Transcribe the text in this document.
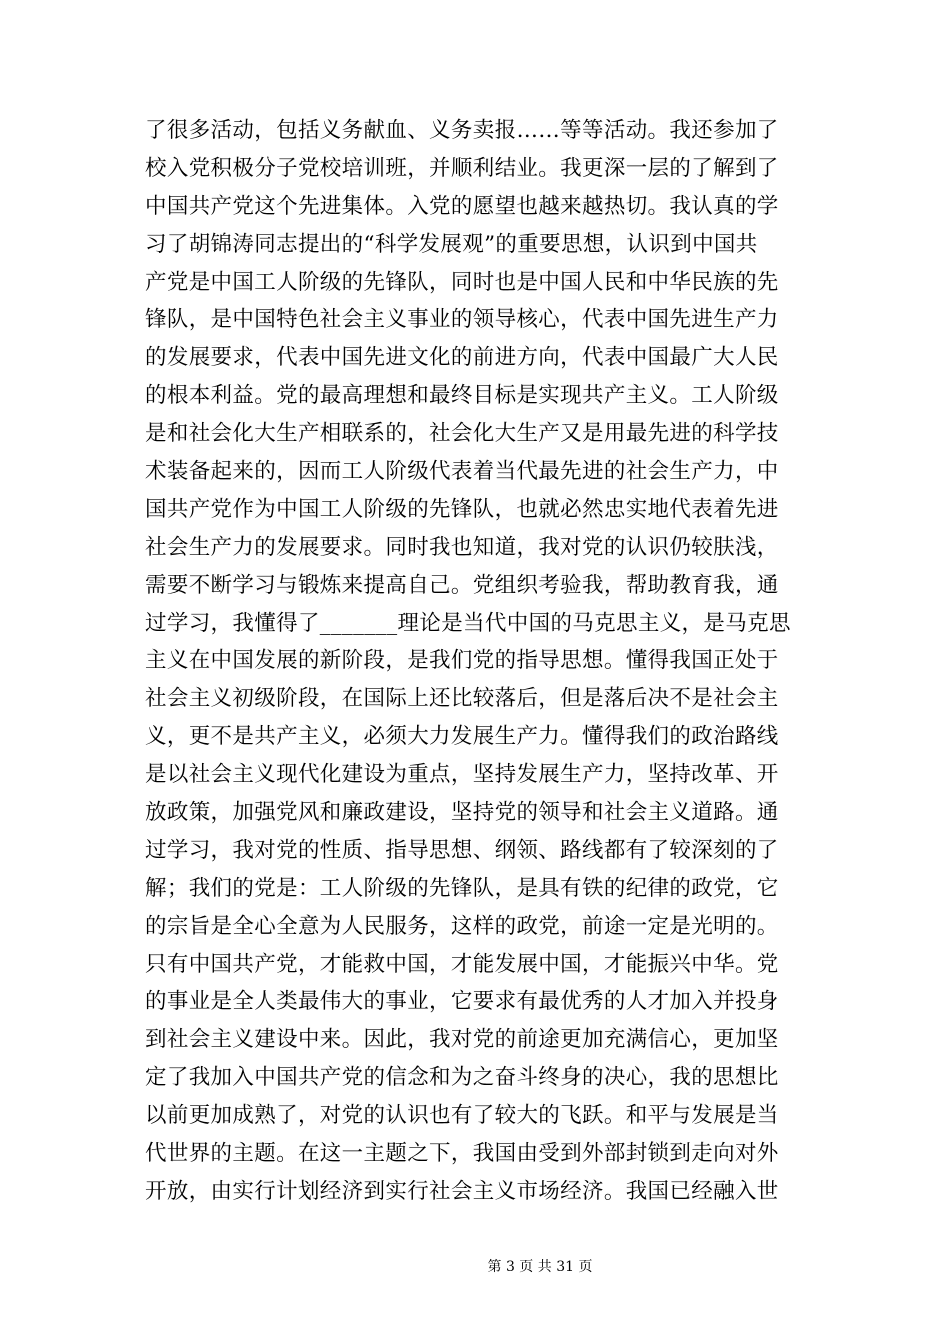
了很多活动，包括义务献血、义务卖报……等等活动。我还参加了
校入党积极分子党校培训班，并顺利结业。我更深一层的了解到了
中国共产党这个先进集体。入党的愿望也越来越热切。我认真的学
习了胡锦涛同志提出的“科学发展观”的重要思想，认识到中国共
产党是中国工人阶级的先锋队，同时也是中国人民和中华民族的先
锋队，是中国特色社会主义事业的领导核心，代表中国先进生产力
的发展要求，代表中国先进文化的前进方向，代表中国最广大人民
的根本利益。党的最高理想和最终目标是实现共产主义。工人阶级
是和社会化大生产相联系的，社会化大生产又是用最先进的科学技
术装备起来的，因而工人阶级代表着当代最先进的社会生产力，中
国共产党作为中国工人阶级的先锋队，也就必然忠实地代表着先进
社会生产力的发展要求。同时我也知道，我对党的认识仍较肤浅，
需要不断学习与锻炼来提高自己。党组织考验我，帮助教育我，通
过学习，我懂得了_______理论是当代中国的马克思主义，是马克思
主义在中国发展的新阶段，是我们党的指导思想。懂得我国正处于
社会主义初级阶段，在国际上还比较落后，但是落后决不是社会主
义，更不是共产主义，必须大力发展生产力。懂得我们的政治路线
是以社会主义现代化建设为重点，坚持发展生产力，坚持改革、开
放政策，加强党风和廉政建设，坚持党的领导和社会主义道路。通
过学习，我对党的性质、指导思想、纲领、路线都有了较深刻的了
解；我们的党是：工人阶级的先锋队，是具有铁的纪律的政党，它
的宗旨是全心全意为人民服务，这样的政党，前途一定是光明的。
只有中国共产党，才能救中国，才能发展中国，才能振兴中华。党
的事业是全人类最伟大的事业，它要求有最优秀的人才加入并投身
到社会主义建设中来。因此，我对党的前途更加充满信心，更加坚
定了我加入中国共产党的信念和为之奋斗终身的决心，我的思想比
以前更加成熟了，对党的认识也有了较大的飞跃。和平与发展是当
代世界的主题。在这一主题之下，我国由受到外部封锁到走向对外
开放，由实行计划经济到实行社会主义市场经济。我国已经融入世
第 3 页 共 31 页
